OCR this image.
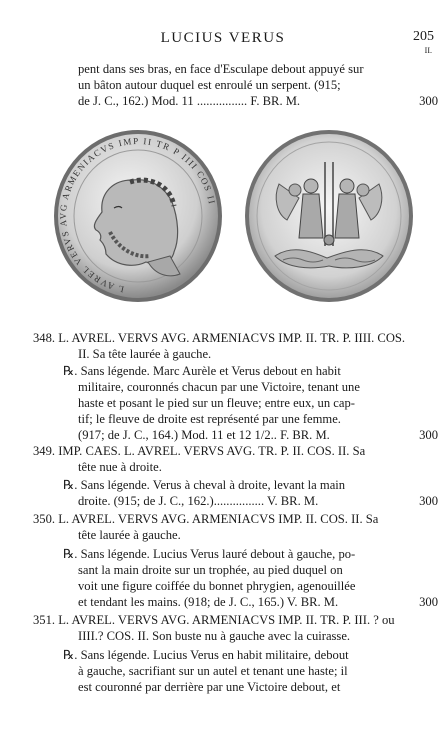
LUCIUS VERUS	205
II.
pent dans ses bras, en face d'Esculape debout appuyé sur
un bâton autour duquel est enroulé un serpent. (915;
de J. C., 162.) Mod. 11 ................ F. BR. M.	300
L AVREL VERVS AVG ARMENIACVS IMP II TR P IIII COS II
348. L. AVREL. VERVS AVG. ARMENIACVS IMP. II. TR. P. IIII. COS.
II. Sa tête laurée à gauche.
℞. Sans légende. Marc Aurèle et Verus debout en habit
militaire, couronnés chacun par une Victoire, tenant une
haste et posant le pied sur un fleuve; entre eux, un cap-
tif; le fleuve de droite est représenté par une femme.
(917; de J. C., 164.) Mod. 11 et 12 1/2.. F. BR. M.	300
349. IMP. CAES. L. AVREL. VERVS AVG. TR. P. II. COS. II. Sa
tête nue à droite.
℞. Sans légende. Verus à cheval à droite, levant la main
droite. (915; de J. C., 162.)................ V. BR. M.	300
350. L. AVREL. VERVS AVG. ARMENIACVS IMP. II. COS. II. Sa
tête laurée à gauche.
℞. Sans légende. Lucius Verus lauré debout à gauche, po-
sant la main droite sur un trophée, au pied duquel on
voit une figure coiffée du bonnet phrygien, agenouillée
et tendant les mains. (918; de J. C., 165.) V. BR. M.	300
351. L. AVREL. VERVS AVG. ARMENIACVS IMP. II. TR. P. III. ? ou
IIII.? COS. II. Son buste nu à gauche avec la cuirasse.
℞. Sans légende. Lucius Verus en habit militaire, debout
à gauche, sacrifiant sur un autel et tenant une haste; il
est couronné par derrière par une Victoire debout, et
